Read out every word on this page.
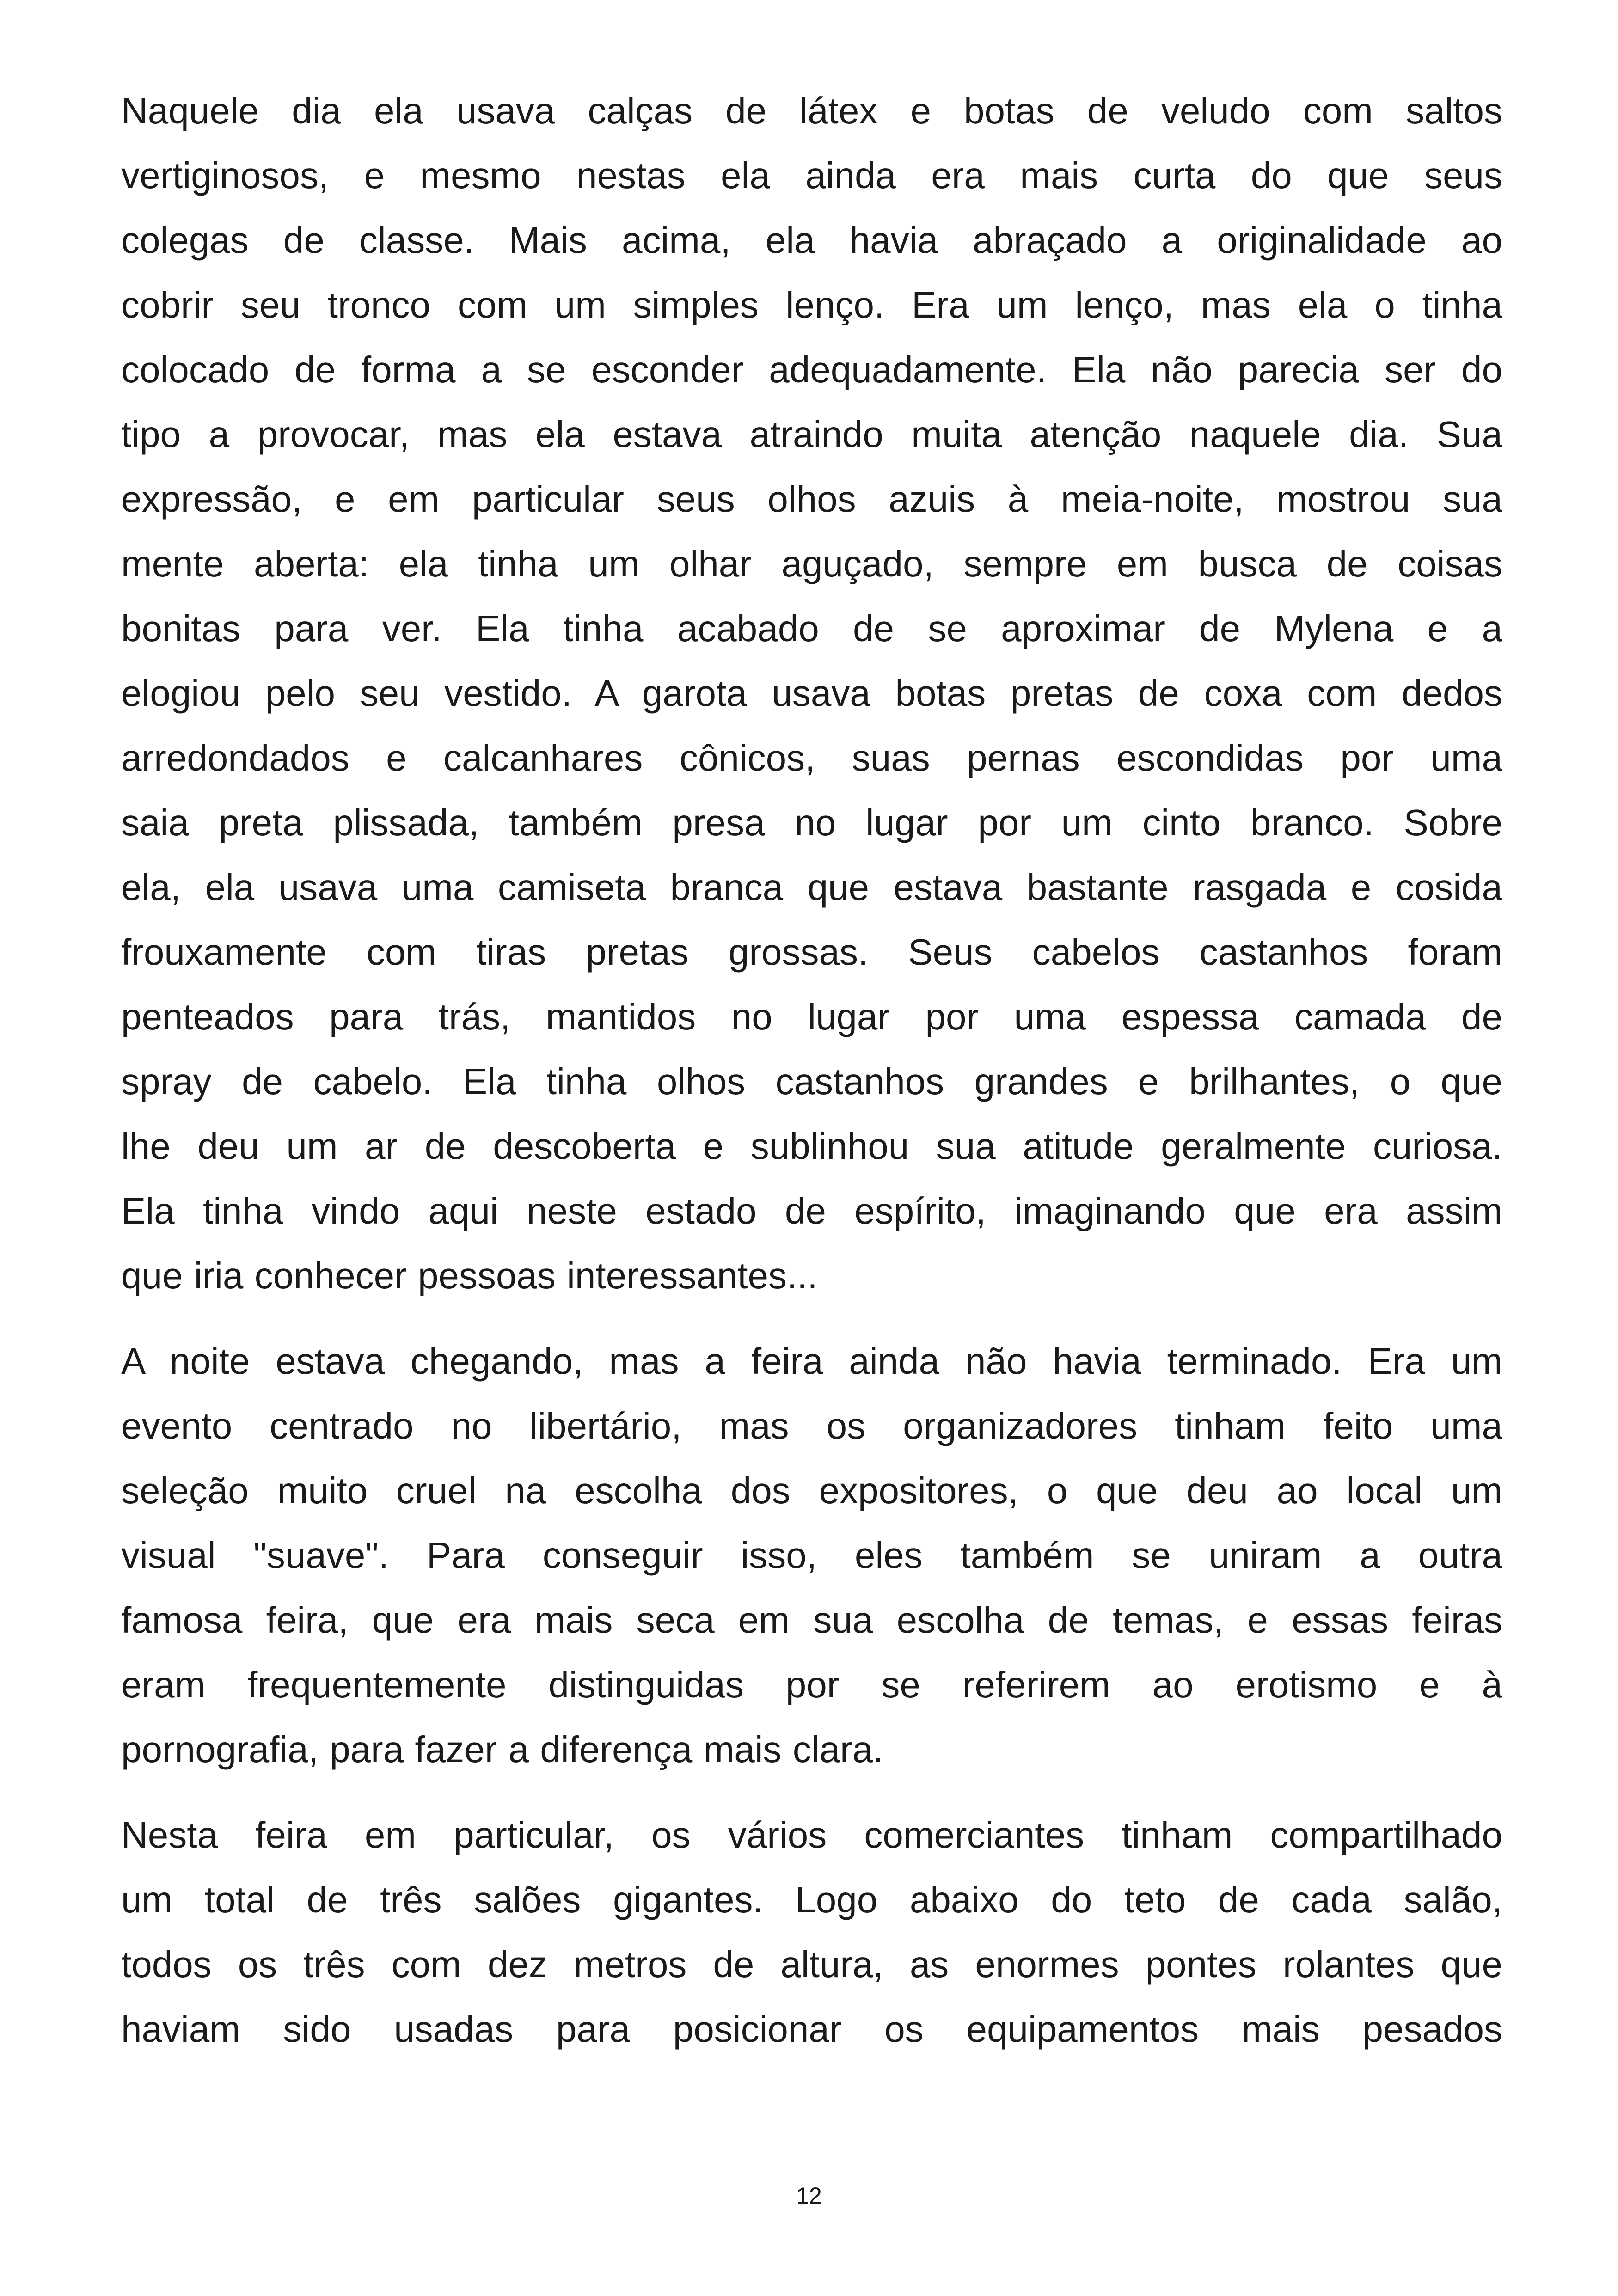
Naquele dia ela usava calças de látex e botas de veludo com saltos
vertiginosos, e mesmo nestas ela ainda era mais curta do que seus
colegas de classe. Mais acima, ela havia abraçado a originalidade ao
cobrir seu tronco com um simples lenço. Era um lenço, mas ela o tinha
colocado de forma a se esconder adequadamente. Ela não parecia ser do
tipo a provocar, mas ela estava atraindo muita atenção naquele dia. Sua
expressão, e em particular seus olhos azuis à meia-noite, mostrou sua
mente aberta: ela tinha um olhar aguçado, sempre em busca de coisas
bonitas para ver. Ela tinha acabado de se aproximar de Mylena e a
elogiou pelo seu vestido. A garota usava botas pretas de coxa com dedos
arredondados e calcanhares cônicos, suas pernas escondidas por uma
saia preta plissada, também presa no lugar por um cinto branco. Sobre
ela, ela usava uma camiseta branca que estava bastante rasgada e cosida
frouxamente com tiras pretas grossas. Seus cabelos castanhos foram
penteados para trás, mantidos no lugar por uma espessa camada de
spray de cabelo. Ela tinha olhos castanhos grandes e brilhantes, o que
lhe deu um ar de descoberta e sublinhou sua atitude geralmente curiosa.
Ela tinha vindo aqui neste estado de espírito, imaginando que era assim
que iria conhecer pessoas interessantes...

A noite estava chegando, mas a feira ainda não havia terminado. Era um
evento centrado no libertário, mas os organizadores tinham feito uma
seleção muito cruel na escolha dos expositores, o que deu ao local um
visual "suave". Para conseguir isso, eles também se uniram a outra
famosa feira, que era mais seca em sua escolha de temas, e essas feiras
eram frequentemente distinguidas por se referirem ao erotismo e à
pornografia, para fazer a diferença mais clara.

Nesta feira em particular, os vários comerciantes tinham compartilhado
um total de três salões gigantes. Logo abaixo do teto de cada salão,
todos os três com dez metros de altura, as enormes pontes rolantes que
haviam sido usadas para posicionar os equipamentos mais pesados

12
